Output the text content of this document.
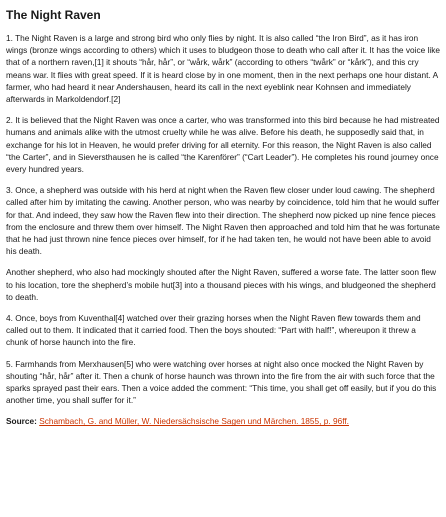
The Night Raven

1. The Night Raven is a large and strong bird who only flies by night. It is also called “the Iron Bird”, as it has iron wings (bronze wings according to others) which it uses to bludgeon those to death who call after it. It has the voice like that of a northern raven,[1] it shouts “hår, hår”, or “wårk, wårk” (according to others “twårk” or “kårk”), and this cry means war. It flies with great speed. If it is heard close by in one moment, then in the next perhaps one hour distant. A farmer, who had heard it near Andershausen, heard its call in the next eyeblink near Kohnsen and immediately afterwards in Markoldendorf.[2]

2. It is believed that the Night Raven was once a carter, who was transformed into this bird because he had mistreated humans and animals alike with the utmost cruelty while he was alive. Before his death, he supposedly said that, in exchange for his lot in Heaven, he would prefer driving for all eternity. For this reason, the Night Raven is also called “the Carter”, and in Sieversthausen he is called “the Karenförer” (“Cart Leader”). He completes his round journey once every hundred years.

3. Once, a shepherd was outside with his herd at night when the Raven flew closer under loud cawing. The shepherd called after him by imitating the cawing. Another person, who was nearby by coincidence, told him that he would suffer for that. And indeed, they saw how the Raven flew into their direction. The shepherd now picked up nine fence pieces from the enclosure and threw them over himself. The Night Raven then approached and told him that he was fortunate that he had just thrown nine fence pieces over himself, for if he had taken ten, he would not have been able to avoid his death.

Another shepherd, who also had mockingly shouted after the Night Raven, suffered a worse fate. The latter soon flew to his location, tore the shepherd’s mobile hut[3] into a thousand pieces with his wings, and bludgeoned the shepherd to death.

4. Once, boys from Kuventhal[4] watched over their grazing horses when the Night Raven flew towards them and called out to them. It indicated that it carried food. Then the boys shouted: “Part with half!”, whereupon it threw a chunk of horse haunch into the fire.

5. Farmhands from Merxhausen[5] who were watching over horses at night also once mocked the Night Raven by shouting “hår, hår” after it. Then a chunk of horse haunch was thrown into the fire from the air with such force that the sparks sprayed past their ears. Then a voice added the comment: “This time, you shall get off easily, but if you do this another time, you shall suffer for it.”

Source: Schambach, G. and Müller, W. Niedersächsische Sagen und Märchen. 1855, p. 96ff.
